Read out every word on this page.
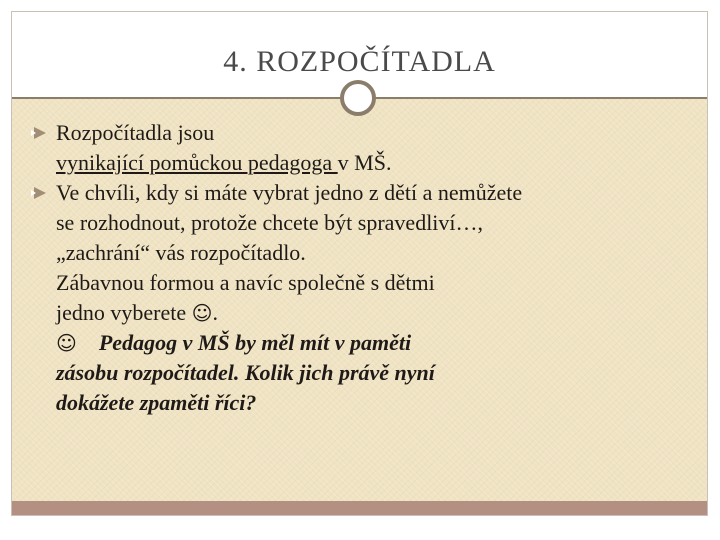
4. ROZPOČÍTADLA
Rozpočítadla jsou
vynikající pomůckou pedagoga v MŠ.
Ve chvíli, kdy si máte vybrat jedno z dětí a nemůžete
se rozhodnout, protože chcete být spravedliví…,
„zachrání“ vás rozpočítadlo.
Zábavnou formou a navíc společně s dětmi
jedno vyberete ☺.
☺ Pedagog v MŠ by měl mít v paměti
zásobu rozpočítadel. Kolik jich právě nyní
dokážete zpaměti říci?
